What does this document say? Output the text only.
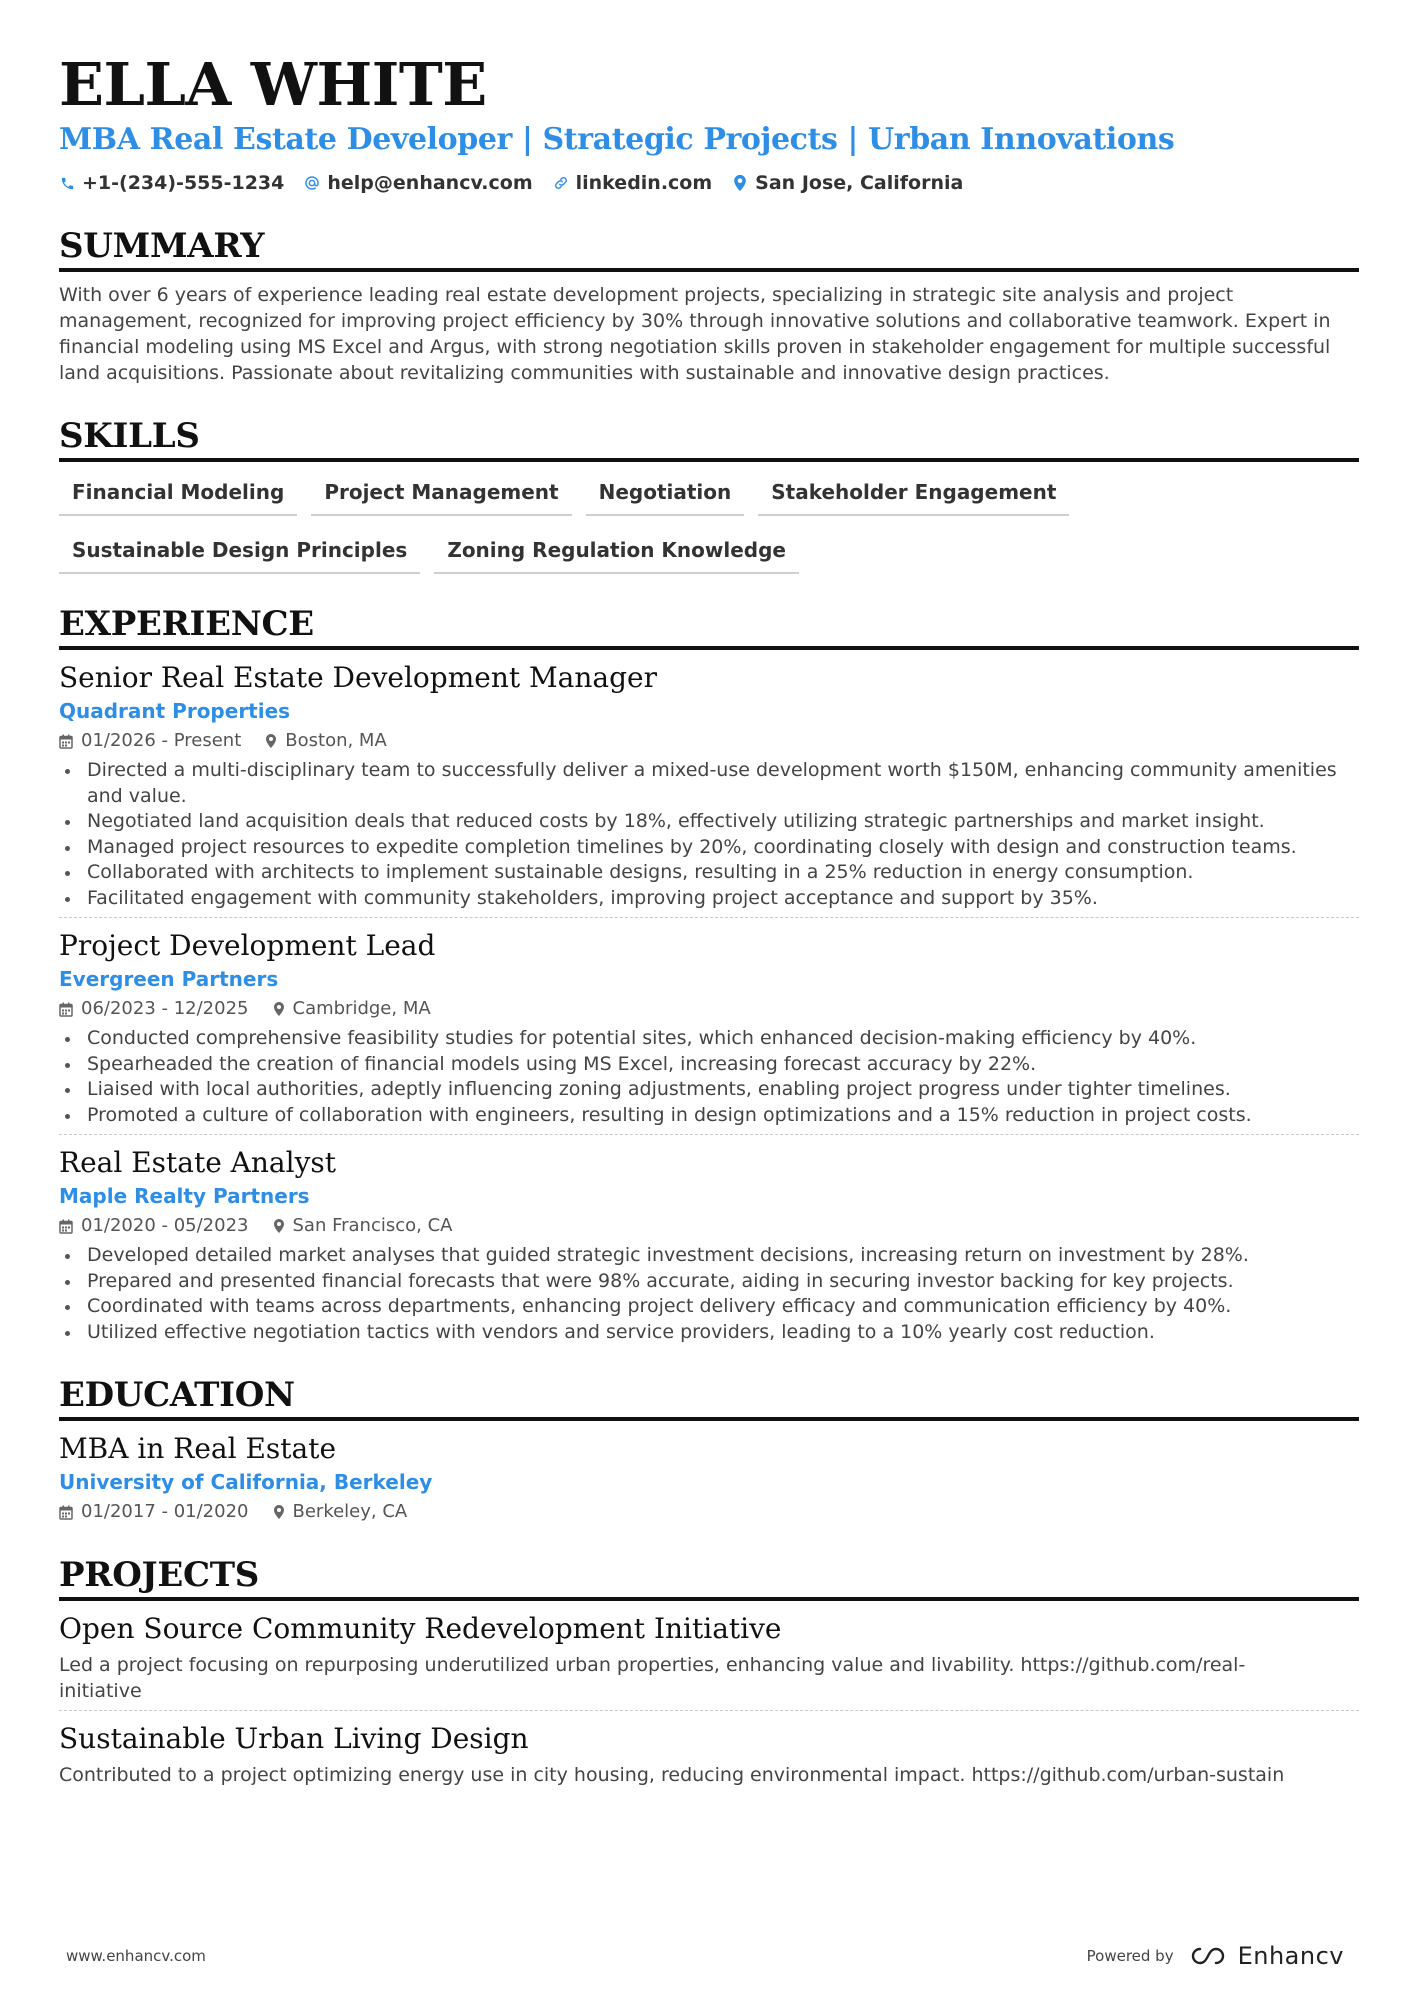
ELLA WHITE
MBA Real Estate Developer | Strategic Projects | Urban Innovations
+1-(234)-555-1234 help@enhancv.com linkedin.com San Jose, California
SUMMARY
With over 6 years of experience leading real estate development projects, specializing in strategic site analysis and project management, recognized for improving project efficiency by 30% through innovative solutions and collaborative teamwork. Expert in financial modeling using MS Excel and Argus, with strong negotiation skills proven in stakeholder engagement for multiple successful land acquisitions. Passionate about revitalizing communities with sustainable and innovative design practices.
SKILLS
Financial Modeling	Project Management	Negotiation	Stakeholder Engagement
Sustainable Design Principles	Zoning Regulation Knowledge
EXPERIENCE
Senior Real Estate Development Manager
Quadrant Properties
01/2026 - Present Boston, MA
Directed a multi-disciplinary team to successfully deliver a mixed-use development worth $150M, enhancing community amenities and value.
Negotiated land acquisition deals that reduced costs by 18%, effectively utilizing strategic partnerships and market insight.
Managed project resources to expedite completion timelines by 20%, coordinating closely with design and construction teams.
Collaborated with architects to implement sustainable designs, resulting in a 25% reduction in energy consumption.
Facilitated engagement with community stakeholders, improving project acceptance and support by 35%.
Project Development Lead
Evergreen Partners
06/2023 - 12/2025 Cambridge, MA
Conducted comprehensive feasibility studies for potential sites, which enhanced decision-making efficiency by 40%.
Spearheaded the creation of financial models using MS Excel, increasing forecast accuracy by 22%.
Liaised with local authorities, adeptly influencing zoning adjustments, enabling project progress under tighter timelines.
Promoted a culture of collaboration with engineers, resulting in design optimizations and a 15% reduction in project costs.
Real Estate Analyst
Maple Realty Partners
01/2020 - 05/2023 San Francisco, CA
Developed detailed market analyses that guided strategic investment decisions, increasing return on investment by 28%.
Prepared and presented financial forecasts that were 98% accurate, aiding in securing investor backing for key projects.
Coordinated with teams across departments, enhancing project delivery efficacy and communication efficiency by 40%.
Utilized effective negotiation tactics with vendors and service providers, leading to a 10% yearly cost reduction.
EDUCATION
MBA in Real Estate
University of California, Berkeley
01/2017 - 01/2020 Berkeley, CA
PROJECTS
Open Source Community Redevelopment Initiative
Led a project focusing on repurposing underutilized urban properties, enhancing value and livability. https://github.com/real-initiative
Sustainable Urban Living Design
Contributed to a project optimizing energy use in city housing, reducing environmental impact. https://github.com/urban-sustain
www.enhancv.com	Powered by	Enhancv
